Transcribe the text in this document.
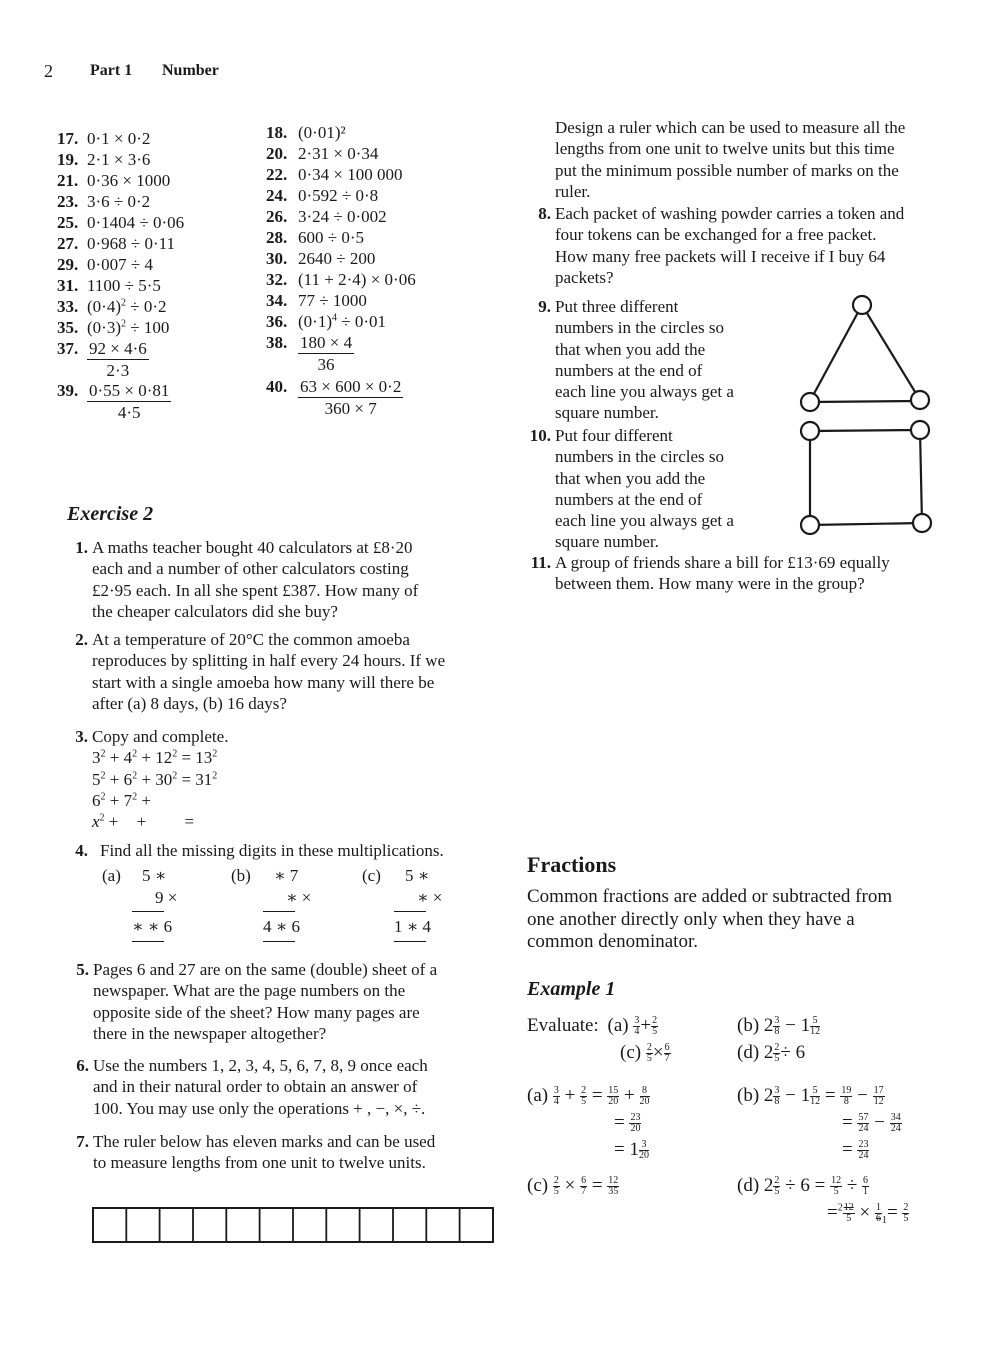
2 Part 1 Number
17. 0·1 × 0·2
19. 2·1 × 3·6
21. 0·36 × 1000
23. 3·6 ÷ 0·2
25. 0·1404 ÷ 0·06
27. 0·968 ÷ 0·11
29. 0·007 ÷ 4
31. 1100 ÷ 5·5
33. $(0\cdot 4)^2 \div 0\cdot 2$
35. $(0\cdot 3)^2 \div 100$
37. $\frac{92 \times 4\cdot 6}{2\cdot 3}$
39. $\frac{0\cdot 55 \times 0\cdot 81}{4\cdot 5}$
18. (0·01)²
20. 2·31 × 0·34
22. 0·34 × 100 000
24. 0·592 ÷ 0·8
26. 3·24 ÷ 0·002
28. 600 ÷ 0·5
30. 2640 ÷ 200
32. (11 + 2·4) × 0·06
34. 77 ÷ 1000
36. $(0\cdot 1)^4 \div 0\cdot 01$
38. $\frac{180 \times 4}{36}$
40. $\frac{63 \times 600 \times 0\cdot 2}{360 \times 7}$
Exercise 2
1. A maths teacher bought 40 calculators at £8·20
each and a number of other calculators costing
£2·95 each. In all she spent £387. How many of
the cheaper calculators did she buy?
2. At a temperature of 20°C the common amoeba
reproduces by splitting in half every 24 hours. If we
start with a single amoeba how many will there be
after (a) 8 days, (b) 16 days?
3. Copy and complete.
$3^2 + 4^2 + 12^2 = 13^2$
$5^2 + 6^2 + 30^2 = 31^2$
$6^2 + 7^2$ +
$x^2$ + + =
4. Find all the missing digits in these multiplications.
(a) 5 ∗
9 ×
∗ ∗ 6
(b) ∗ 7
∗ ×
4 ∗ 6
(c) 5 ∗
∗ ×
1 ∗ 4
5. Pages 6 and 27 are on the same (double) sheet of a
newspaper. What are the page numbers on the
opposite side of the sheet? How many pages are
there in the newspaper altogether?
6. Use the numbers 1, 2, 3, 4, 5, 6, 7, 8, 9 once each
and in their natural order to obtain an answer of
100. You may use only the operations + , −, ×, ÷.
7. The ruler below has eleven marks and can be used
to measure lengths from one unit to twelve units.
Design a ruler which can be used to measure all the
lengths from one unit to twelve units but this time
put the minimum possible number of marks on the
ruler.
8. Each packet of washing powder carries a token and
four tokens can be exchanged for a free packet.
How many free packets will I receive if I buy 64
packets?
9. Put three different
numbers in the circles so
that when you add the
numbers at the end of
each line you always get a
square number.
10. Put four different
numbers in the circles so
that when you add the
numbers at the end of
each line you always get a
square number.
11. A group of friends share a bill for £13·69 equally
between them. How many were in the group?
Fractions
Common fractions are added or subtracted from
one another directly only when they have a
common denominator.
Example 1
Evaluate: $(a) \frac{3}{4} + \frac{2}{5}$	(b) $2 \frac{3}{8} - 1 \frac{5}{12}$
$(c) \frac{2}{5} \times \frac{6}{7}$	(d) $2 \frac{2}{5} \div 6$
$(a) \frac{3}{4} + \frac{2}{5} = \frac{15}{20} + \frac{8}{20}$
= $\frac{23}{20}$
= $1 \frac{3}{20}$
$(c) \frac{2}{5} \times \frac{6}{7} = \frac{12}{35}$
(b) $2 \frac{3}{8} - 1 \frac{5}{12} = \frac{19}{8} - \frac{17}{12}$
= $\frac{57}{24} - \frac{34}{24}$
= $\frac{23}{24}$
(d) $2 \frac{2}{5} \div 6 = \frac{12}{5} \div \frac{6}{1}$
$=^2 \frac{12}{5} \times \frac{1}{6} _1= \frac{2}{5}$
